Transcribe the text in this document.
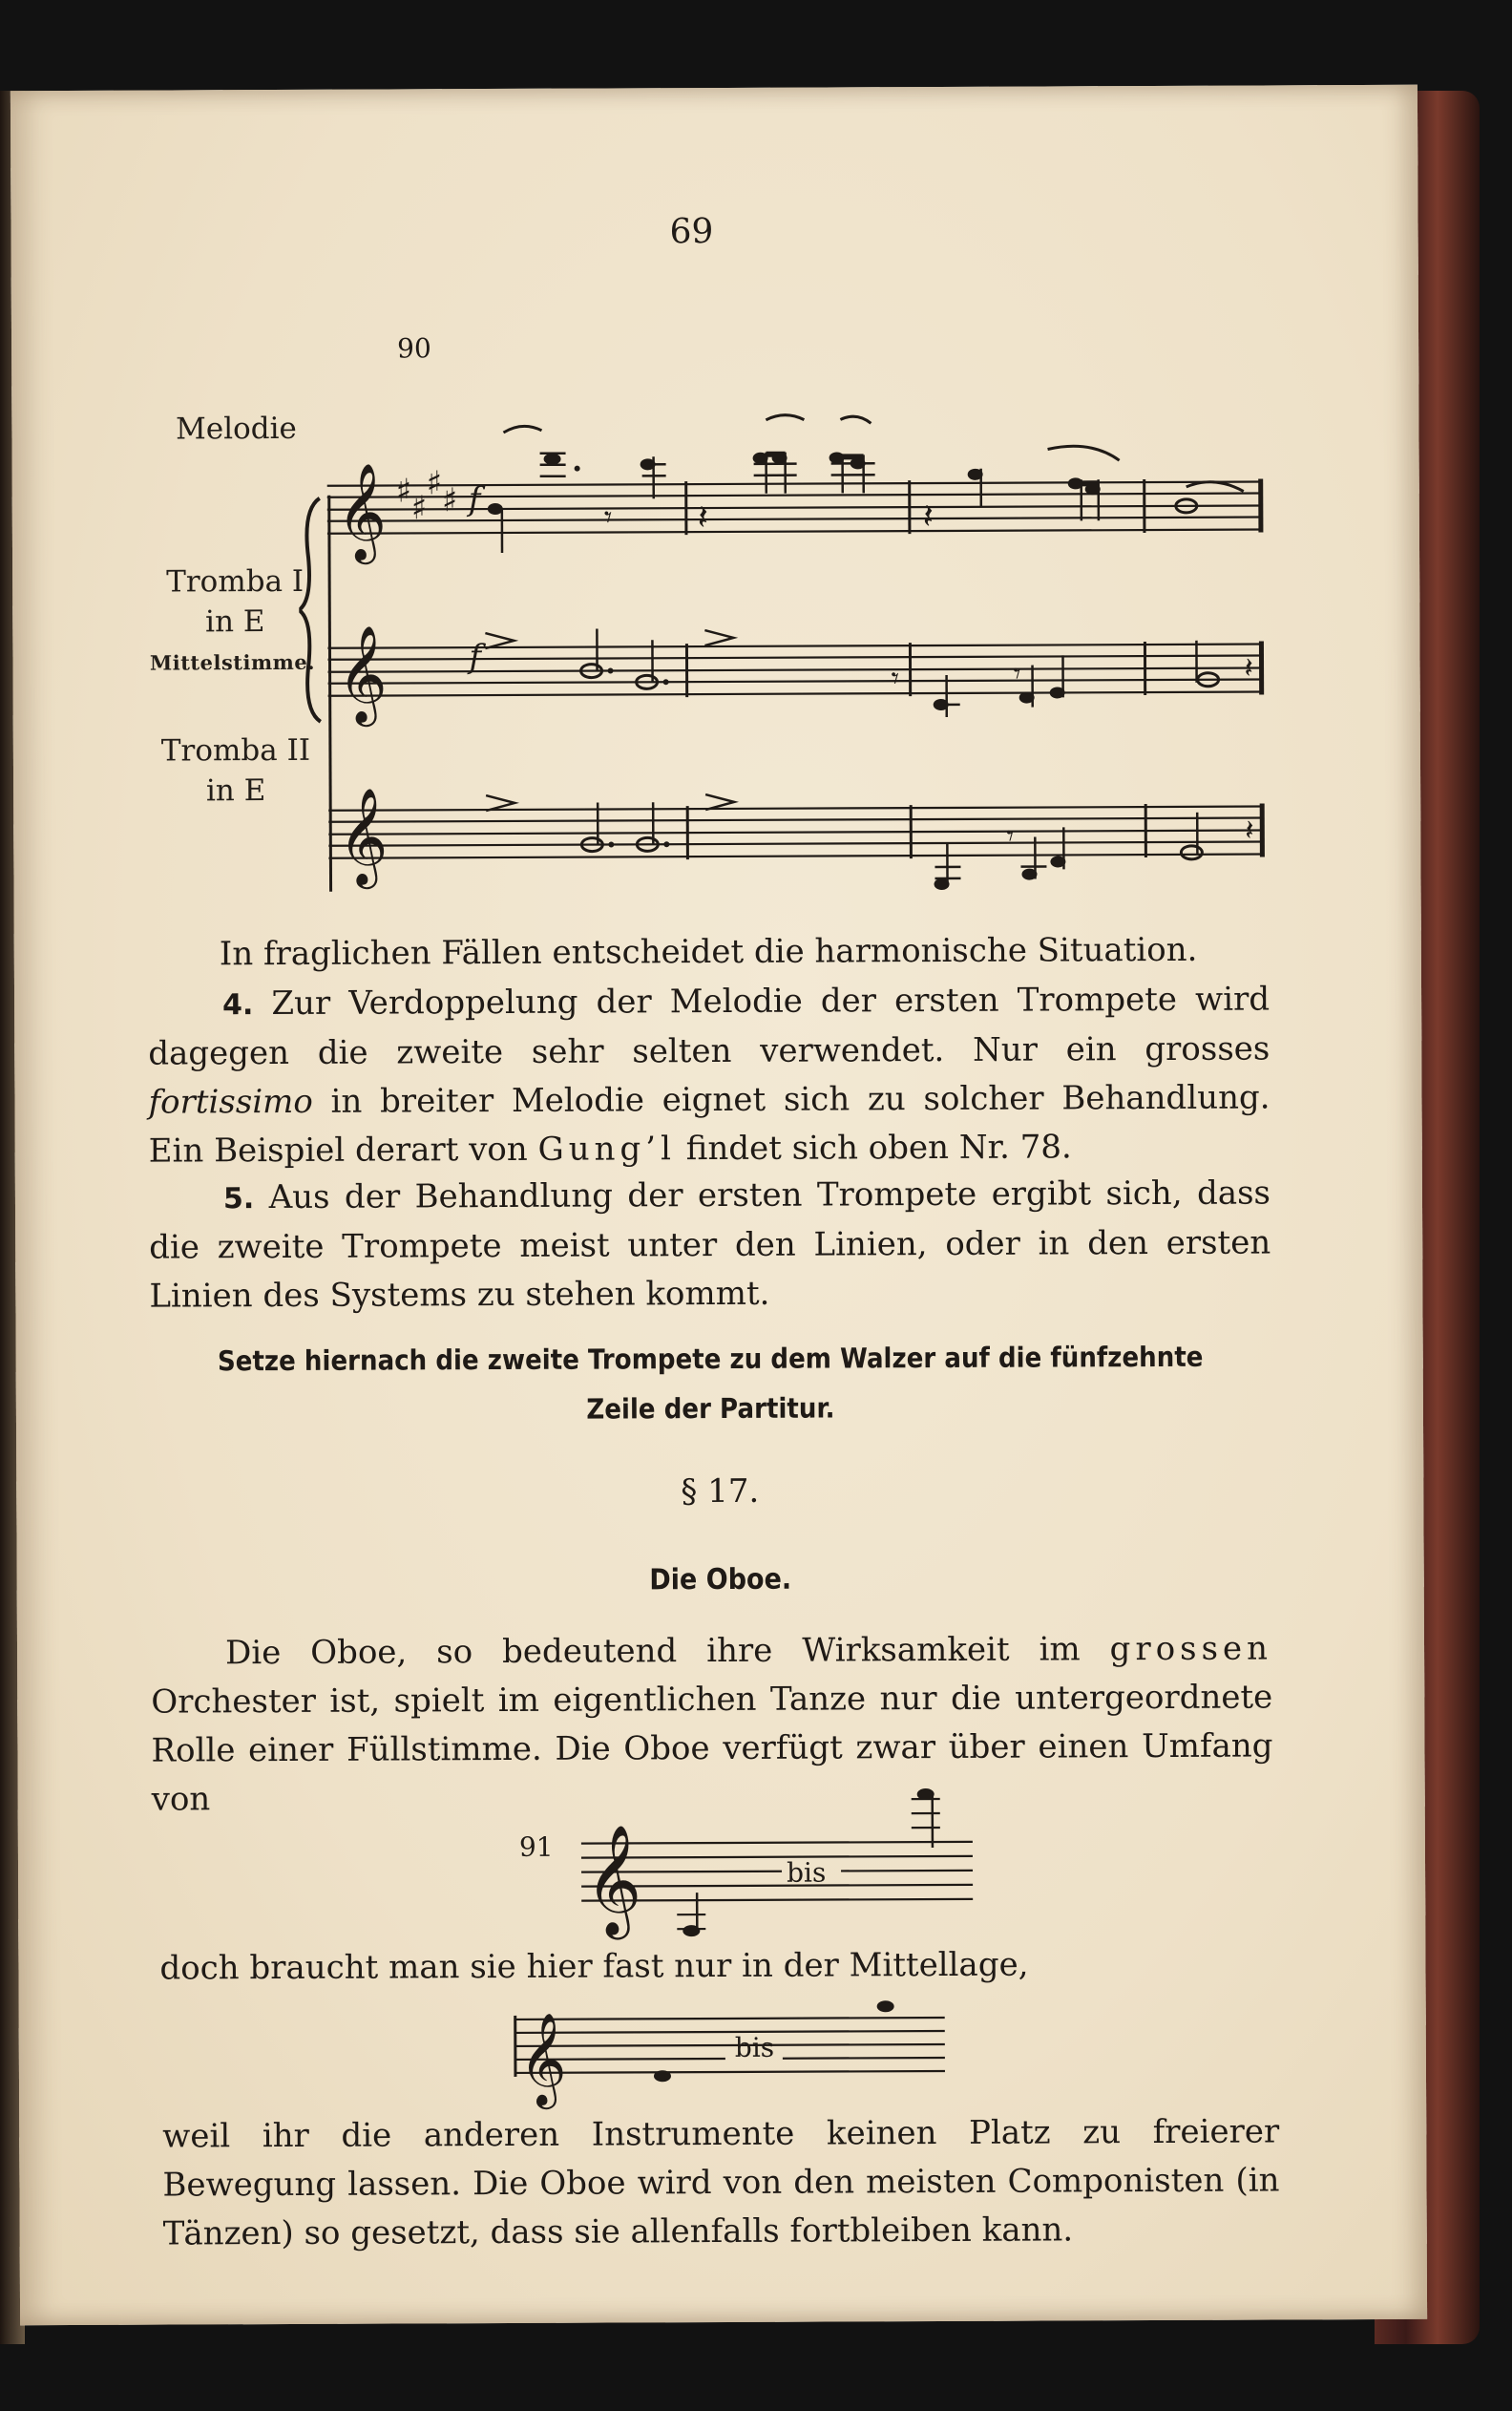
69
90
Melodie
Tromba I
in E
Mittelstimme.
Tromba II
in E
f
f
𝄞
𝄞
𝄞
♯ ♯
♯ ♯	𝄾 𝄽	𝄽
𝄾	𝄾	𝄽
𝄾	𝄽
In fraglichen Fällen entscheidet die harmonische Situation.
4. Zur Verdoppelung der Melodie der ersten Trompete wird dagegen die zweite sehr selten verwendet. Nur ein grosses fortissimo in breiter Melodie eignet sich zu solcher Behandlung. Ein Beispiel derart von Gung’l findet sich oben Nr. 78.
5. Aus der Behandlung der ersten Trompete ergibt sich, dass die zweite Trompete meist unter den Linien, oder in den ersten Linien des Systems zu stehen kommt.
Setze hiernach die zweite Trompete zu dem Walzer auf die fünfzehnte Zeile der Partitur.
§ 17.
Die Oboe.
Die Oboe, so bedeutend ihre Wirksamkeit im grossen Orchester ist, spielt im eigentlichen Tanze nur die untergeordnete Rolle einer Füllstimme. Die Oboe verfügt zwar über einen Umfang von
91
bis
𝄞
doch braucht man sie hier fast nur in der Mittellage,
bis
𝄞
weil ihr die anderen Instrumente keinen Platz zu freierer Bewegung lassen. Die Oboe wird von den meisten Componisten (in Tänzen) so gesetzt, dass sie allenfalls fortbleiben kann.
